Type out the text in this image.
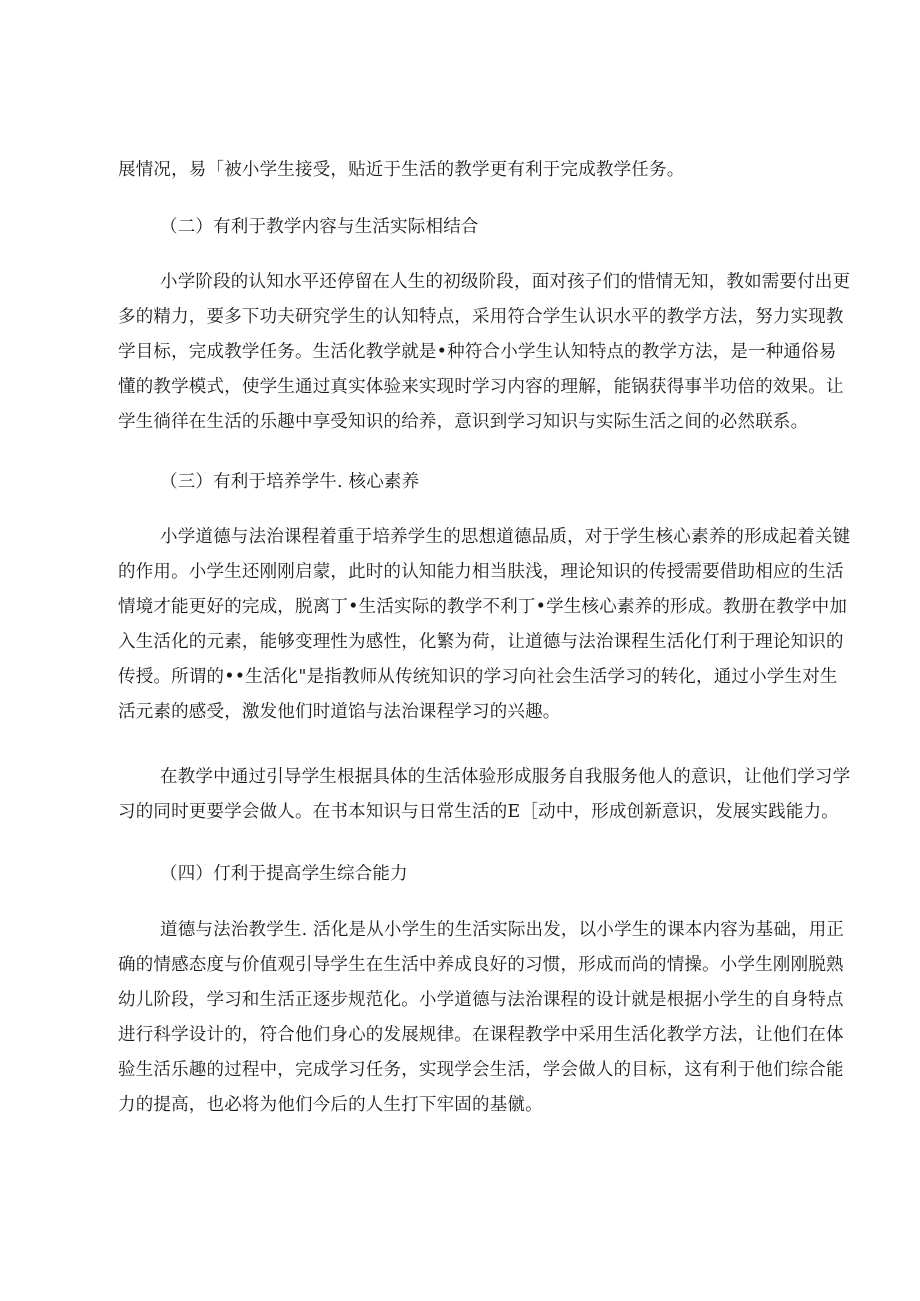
展情况，易「被小学生接受，贴近于生活的教学更有利于完成教学任务。
（二）有利于教学内容与生活实际相结合
小学阶段的认知水平还停留在人生的初级阶段，面对孩子们的惜情无知，教如需要付出更
多的精力，要多下功夫研究学生的认知特点，采用符合学生认识水平的教学方法，努力实现教
学目标，完成教学任务。生活化教学就是•种符合小学生认知特点的教学方法，是一种通俗易
懂的教学模式，使学生通过真实体验来实现时学习内容的理解，能锅获得事半功倍的效果。让
学生徜徉在生活的乐趣中享受知识的给养，意识到学习知识与实际生活之间的必然联系。
（三）有利于培养学牛. 核心素养
小学道德与法治课程着重于培养学生的思想道德品质，对于学生核心素养的形成起着关键
的作用。小学生还刚刚启蒙，此时的认知能力相当肤浅，理论知识的传授需要借助相应的生活
情境才能更好的完成，脱离丁•生活实际的教学不利丁•学生核心素养的形成。教册在教学中加
入生活化的元素，能够变理性为感性，化繁为荷，让道德与法治课程生活化仃利于理论知识的
传授。所谓的••生活化"是指教师从传统知识的学习向社会生活学习的转化，通过小学生对生
活元素的感受，激发他们时道馅与法治课程学习的兴趣。
在教学中通过引导学生根据具体的生活体验形成服务自我服务他人的意识，让他们学习学
习的同时更要学会做人。在书本知识与日常生活的E［动中，形成创新意识，发展实践能力。
（四）仃利于提高学生综合能力
道德与法治教学生. 活化是从小学生的生活实际出发，以小学生的课本内容为基础，用正
确的情感态度与价值观引导学生在生活中养成良好的习惯，形成而尚的情操。小学生刚刚脱熟
幼儿阶段，学习和生活正逐步规范化。小学道德与法治课程的设计就是根据小学生的自身特点
进行科学设计的，符合他们身心的发展规律。在课程教学中采用生活化教学方法，让他们在体
验生活乐趣的过程中，完成学习任务，实现学会生活，学会做人的目标，这有利于他们综合能
力的提高，也必将为他们今后的人生打下牢固的基僦。
